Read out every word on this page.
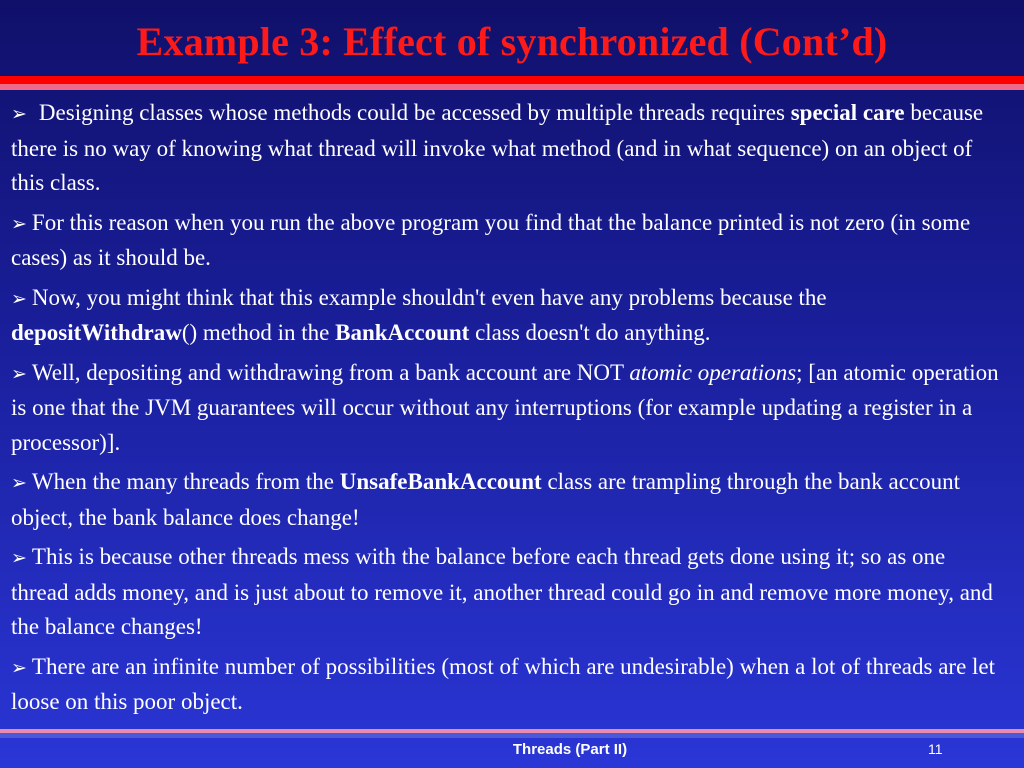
Example 3: Effect of synchronized (Cont’d)
➢ Designing classes whose methods could be accessed by multiple threads requires special care because there is no way of knowing what thread will invoke what method (and in what sequence) on an object of this class.
➢ For this reason when you run the above program you find that the balance printed is not zero (in some cases) as it should be.
➢ Now, you might think that this example shouldn't even have any problems because the depositWithdraw() method in the BankAccount class doesn't do anything.
➢ Well, depositing and withdrawing from a bank account are NOT atomic operations; [an atomic operation is one that the JVM guarantees will occur without any interruptions (for example updating a register in a processor)].
➢ When the many threads from the UnsafeBankAccount class are trampling through the bank account object, the bank balance does change!
➢ This is because other threads mess with the balance before each thread gets done using it; so as one thread adds money, and is just about to remove it, another thread could go in and remove more money, and the balance changes!
➢ There are an infinite number of possibilities (most of which are undesirable) when a lot of threads are let loose on this poor object.
Threads (Part II)	11
